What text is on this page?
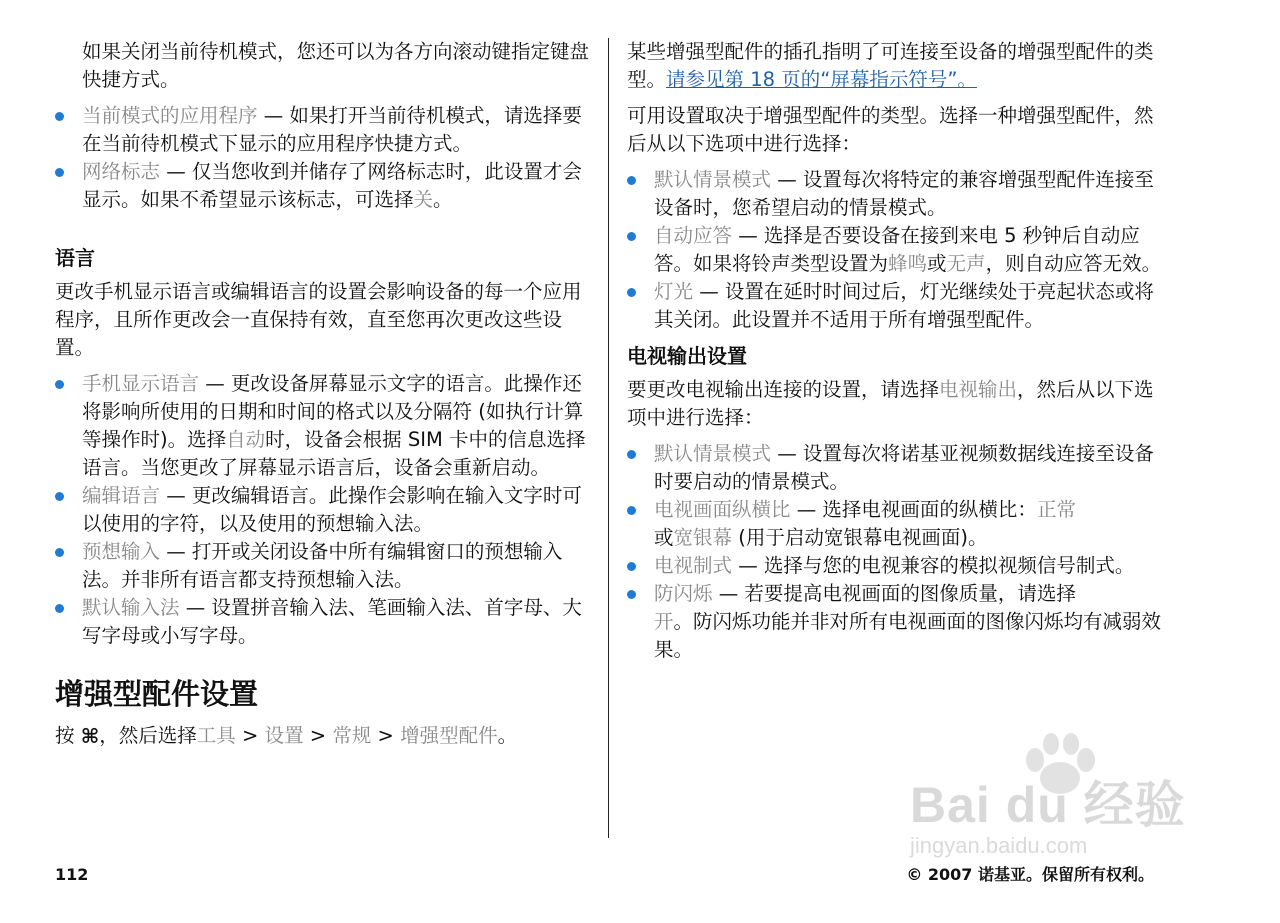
如果关闭当前待机模式，您还可以为各方向滚动键指定键盘快捷方式。

当前模式的应用程序 — 如果打开当前待机模式，请选择要在当前待机模式下显示的应用程序快捷方式。
网络标志 — 仅当您收到并储存了网络标志时，此设置才会显示。如果不希望显示该标志，可选择关。
语言

更改手机显示语言或编辑语言的设置会影响设备的每一个应用程序，且所作更改会一直保持有效，直至您再次更改这些设置。

手机显示语言 — 更改设备屏幕显示文字的语言。此操作还将影响所使用的日期和时间的格式以及分隔符 (如执行计算等操作时)。选择自动时，设备会根据 SIM 卡中的信息选择语言。当您更改了屏幕显示语言后，设备会重新启动。
编辑语言 — 更改编辑语言。此操作会影响在输入文字时可以使用的字符，以及使用的预想输入法。
预想输入 — 打开或关闭设备中所有编辑窗口的预想输入法。并非所有语言都支持预想输入法。
默认输入法 — 设置拼音输入法、笔画输入法、首字母、大写字母或小写字母。
增强型配件设置

按 ⌘，然后选择工具 > 设置 > 常规 > 增强型配件。

某些增强型配件的插孔指明了可连接至设备的增强型配件的类型。请参见第 18 页的“屏幕指示符号”。

可用设置取决于增强型配件的类型。选择一种增强型配件，然后从以下选项中进行选择：

默认情景模式 — 设置每次将特定的兼容增强型配件连接至设备时，您希望启动的情景模式。
自动应答 — 选择是否要设备在接到来电 5 秒钟后自动应答。如果将铃声类型设置为蜂鸣或无声，则自动应答无效。
灯光 — 设置在延时时间过后，灯光继续处于亮起状态或将其关闭。此设置并不适用于所有增强型配件。
电视输出设置

要更改电视输出连接的设置，请选择电视输出，然后从以下选项中进行选择：

默认情景模式 — 设置每次将诺基亚视频数据线连接至设备时要启动的情景模式。
电视画面纵横比 — 选择电视画面的纵横比：正常
或宽银幕 (用于启动宽银幕电视画面)。
电视制式 — 选择与您的电视兼容的模拟视频信号制式。
防闪烁 — 若要提高电视画面的图像质量，请选择
开。防闪烁功能并非对所有电视画面的图像闪烁均有减弱效果。
Bai du 经验
jingyan.baidu.com
112	© 2007 诺基亚。保留所有权利。
